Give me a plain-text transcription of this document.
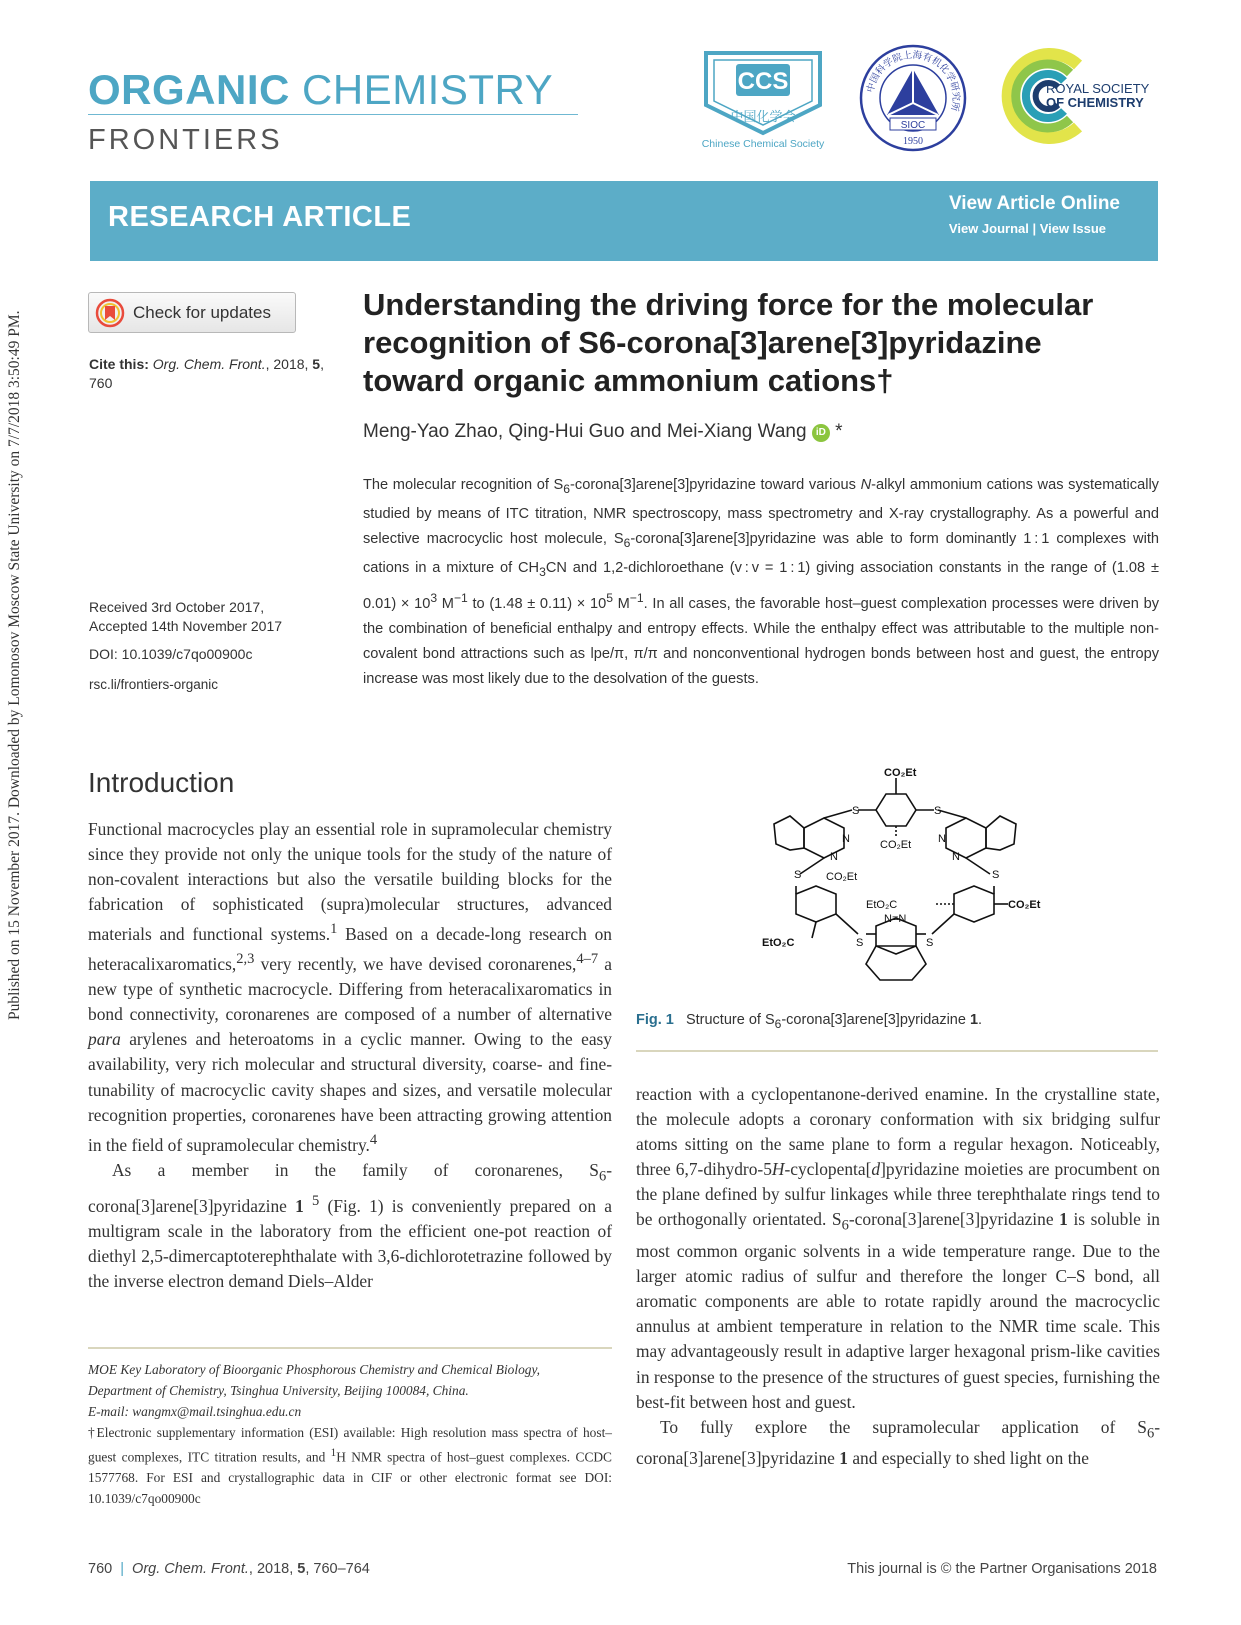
Published on 15 November 2017. Downloaded by Lomonosov Moscow State University on 7/7/2018 3:50:49 PM.
ORGANIC CHEMISTRY
FRONTIERS
CCS
中国化学会
Chinese Chemical Society
中国科学院上海有机化学研究所
SIOC
1950
ROYAL SOCIETY
OF CHEMISTRY
RESEARCH ARTICLE	View Article Online
View Journal | View Issue
Check for updates
Cite this: Org. Chem. Front., 2018, 5,
760
Received 3rd October 2017,
Accepted 14th November 2017
DOI: 10.1039/c7qo00900c
rsc.li/frontiers-organic
Understanding the driving force for the molecular
recognition of S6-corona[3]arene[3]pyridazine
toward organic ammonium cations†
Meng-Yao Zhao, Qing-Hui Guo and Mei-Xiang Wang iD *
The molecular recognition of $S_6-corona[3]arene[3]pyridazine$ toward various N-alkyl ammonium cations was systematically studied by means of ITC titration, NMR spectroscopy, mass spectrometry and X-ray crystallography. As a powerful and selective macrocyclic host molecule, $S_6-corona[3]arene[3]pyridazine$ was able to form dominantly 1 : 1 complexes with cations in a mixture of $CH_3CN$ and 1,2-dichloroethane (v : v = 1 : 1) giving association constants in the range of $(1.08 \pm 0.01) \times 10^3$ $M^{-1}$ to $(1.48 \pm 0.11) \times 10^5$ $M^{-1}$. In all cases, the favorable host–guest complexation processes were driven by the combination of beneficial enthalpy and entropy effects. While the enthalpy effect was attributable to the multiple non-covalent bond attractions such as lpe/π, π/π and nonconventional hydrogen bonds between host and guest, the entropy increase was most likely due to the desolvation of the guests.
Introduction

Functional macrocycles play an essential role in supramolecular chemistry since they provide not only the unique tools for the study of the nature of non-covalent interactions but also the versatile building blocks for the fabrication of sophisticated (supra)molecular structures, advanced materials and functional systems.$^1$ Based on a decade-long research on heteracalixaromatics,$^{2,3}$ very recently, we have devised coronarenes,$^{4-7}$ a new type of synthetic macrocycle. Differing from heteracalixaromatics in bond connectivity, coronarenes are composed of a number of alternative para arylenes and heteroatoms in a cyclic manner. Owing to the easy availability, very rich molecular and structural diversity, coarse- and fine-tunability of macrocyclic cavity shapes and sizes, and versatile molecular recognition properties, coronarenes have been attracting growing attention in the field of supramolecular chemistry.$^4$

As a member in the family of coronarenes, $S_6-corona[3]arene[3]pyridazine$ 1 $^5$ (Fig. 1) is conveniently prepared on a multigram scale in the laboratory from the efficient one-pot reaction of diethyl 2,5-dimercaptoterephthalate with 3,6-dichlorotetrazine followed by the inverse electron demand Diels–Alder

CO₂Et
S	S
N
N
CO₂Et N
N
S	S
CO₂Et
EtO₂C	CO₂Et
N=N
EtO₂C	S	S
Fig. 1 Structure of $S_6-corona[3]arene[3]pyridazine$ 1.

reaction with a cyclopentanone-derived enamine. In the crystalline state, the molecule adopts a coronary conformation with six bridging sulfur atoms sitting on the same plane to form a regular hexagon. Noticeably, three 6,7-dihydro-5H-cyclopenta[d]pyridazine moieties are procumbent on the plane defined by sulfur linkages while three terephthalate rings tend to be orthogonally orientated. $S_6-corona[3]arene[3]pyridazine$ 1 is soluble in most common organic solvents in a wide temperature range. Due to the larger atomic radius of sulfur and therefore the longer C–S bond, all aromatic components are able to rotate rapidly around the macrocyclic annulus at ambient temperature in relation to the NMR time scale. This may advantageously result in adaptive larger hexagonal prism-like cavities in response to the presence of the structures of guest species, furnishing the best-fit between host and guest.

To fully explore the supramolecular application of $S_6-corona[3]arene[3]pyridazine$ 1 and especially to shed light on the

MOE Key Laboratory of Bioorganic Phosphorous Chemistry and Chemical Biology,
Department of Chemistry, Tsinghua University, Beijing 100084, China.
E-mail: wangmx@mail.tsinghua.edu.cn
†Electronic supplementary information (ESI) available: High resolution mass spectra of host–guest complexes, ITC titration results, and $^1$H NMR spectra of host–guest complexes. CCDC 1577768. For ESI and crystallographic data in CIF or other electronic format see DOI: 10.1039/c7qo00900c
760 | Org. Chem. Front., 2018, 5, 760–764	This journal is © the Partner Organisations 2018
